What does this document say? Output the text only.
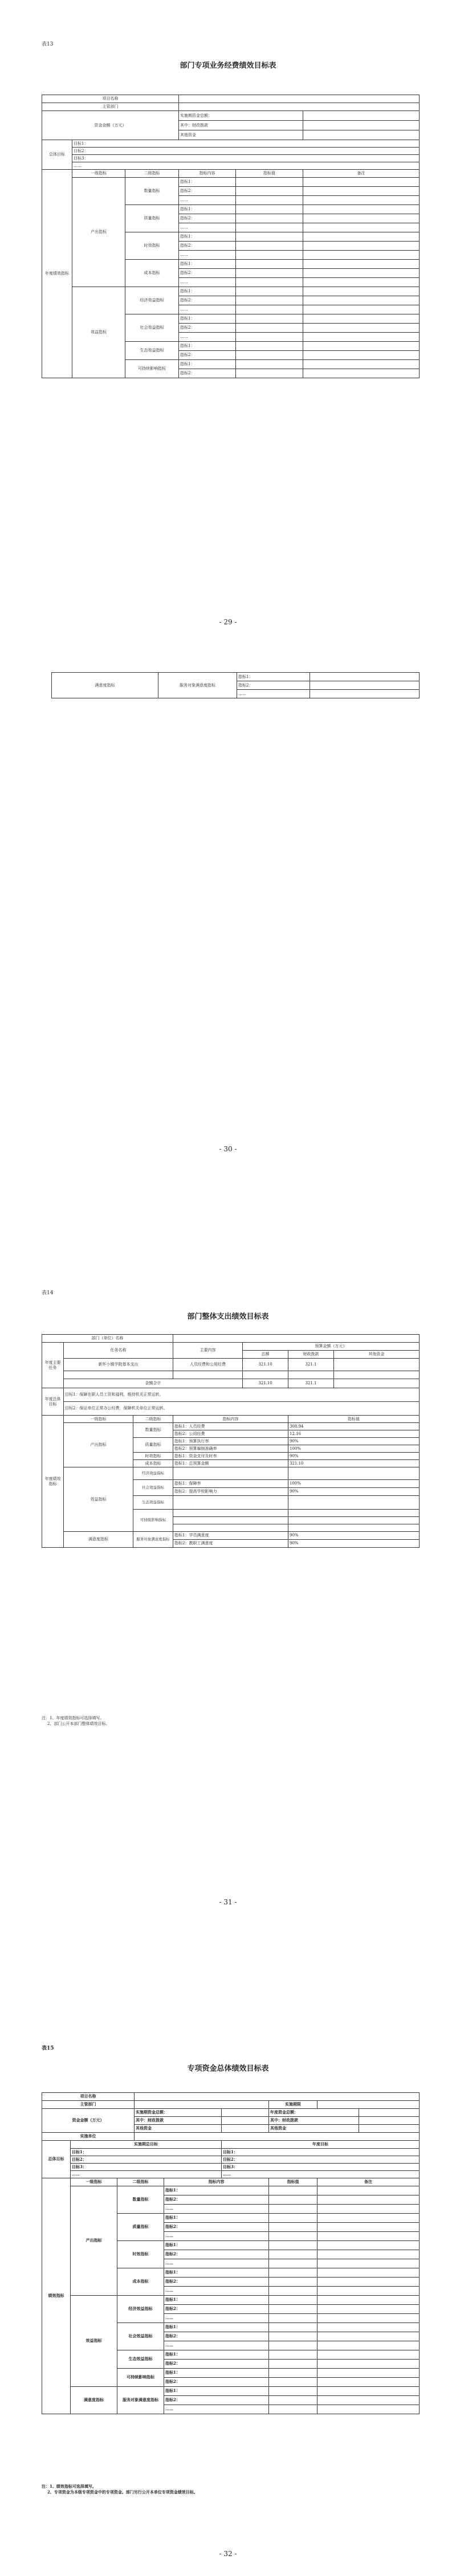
表13
部门专项业务经费绩效目标表
项目名称					
主管部门					
资金金额（万元）			实施期资金总额：		
			其中：财政拨款		
			其他资金		
总体目标	目标1：				
	目标2：				
	目标3：				
	……				
年度绩效指标	一级指标	二级指标	指标内容	指标值	备注
	产出指标	数量指标	指标1：		
			指标2：		
			……		
		质量指标	指标1：		
			指标2：		
			……		
		时效指标	指标1：		
			指标2：		
			……		
		成本指标	指标1：		
			指标2：		
			……		
	效益指标	经济效益指标	指标1：		
			指标2：		
			……		
		社会效益指标	指标1：		
			指标2：		
			……		
		生态效益指标	指标1：		
			指标2：		
		可持续影响指标	指标1：		
			指标2：		
- 29 -
满意度指标	服务对象满意度指标	指标1：	
		指标2：	
		……	
- 30 -
表14
部门整体支出绩效目标表
部门（单位）名称						
年度主要任务	任务名称		主要内容	预算金额（万元）		
				总额	财政拨款	其他资金
	新怀小镇学院基本支出		人员经费和公用经费	321.10	321.1	

	金额合计			321.10	321.1	
年度总体目标	目标1：保障在职人员工资和福利，维持机关正常运转。					
	目标2：保证单位正常办公经费，保障机关单位正常运转。					
年度绩效指标	一级指标	二级指标	指标内容		指标值	
	产出指标	数量指标	指标1：人员经费		308.94	
			指标2：公用经费		12.16	
		质量指标	指标1：预算执行率		90%	
			指标2：预算编制准确率		100%	
		时效指标	指标1：资金支付及时率		90%	
		成本指标	指标1：总预算金额		321.10	
	效益指标	经济效益指标				
		社会效益指标	指标1：保障率		100%	
			指标2：提高学校影响力		90%	
		生态效益指标				
		可持续影响指标				

	满意度指标	服务对象满意度指标	指标1：学员满意度		90%	
			指标2：教职工满意度		90%	
注：1、年度绩效指标可选择填写。
2、部门公开本部门整体绩效目标。
- 31 -
表15
专项资金总体绩效目标表
项目名称								
主管部门						实施期限		
资金金额（万元）			实施期资金总额：			年度资金总额：		
			其中：财政拨款			其中：财政拨款		
			其他资金			其他资金		
实施单位								
总体目标	实施期总目标				年度目标			
	目标1：				目标1：			
	目标2：				目标2：			
	目标3：				目标3：			
	……				……			
绩效指标	一级指标	二级指标		指标内容		指标值	备注	
	产出指标	数量指标		指标1：				
				指标2：				
				……				
		质量指标		指标1：				
				指标2：				
				……				
		时效指标		指标1：				
				指标2：				
				……				
		成本指标		指标1：				
				指标2：				
				……				
	效益指标	经济效益指标		指标1：				
				指标2：				
				……				
		社会效益指标		指标1：				
				指标2：				
				……				
		生态效益指标		指标1：				
				指标2：				
		可持续影响指标		指标1：				
				指标2：				
	满意度指标	服务对象满意度指标		指标1：				
				指标2：				
				……				
注：1、绩效指标可选择填写。
2、专项资金为本级专项资金中的专项资金。部门另行公开本单位专项资金绩效目标。
- 32 -
